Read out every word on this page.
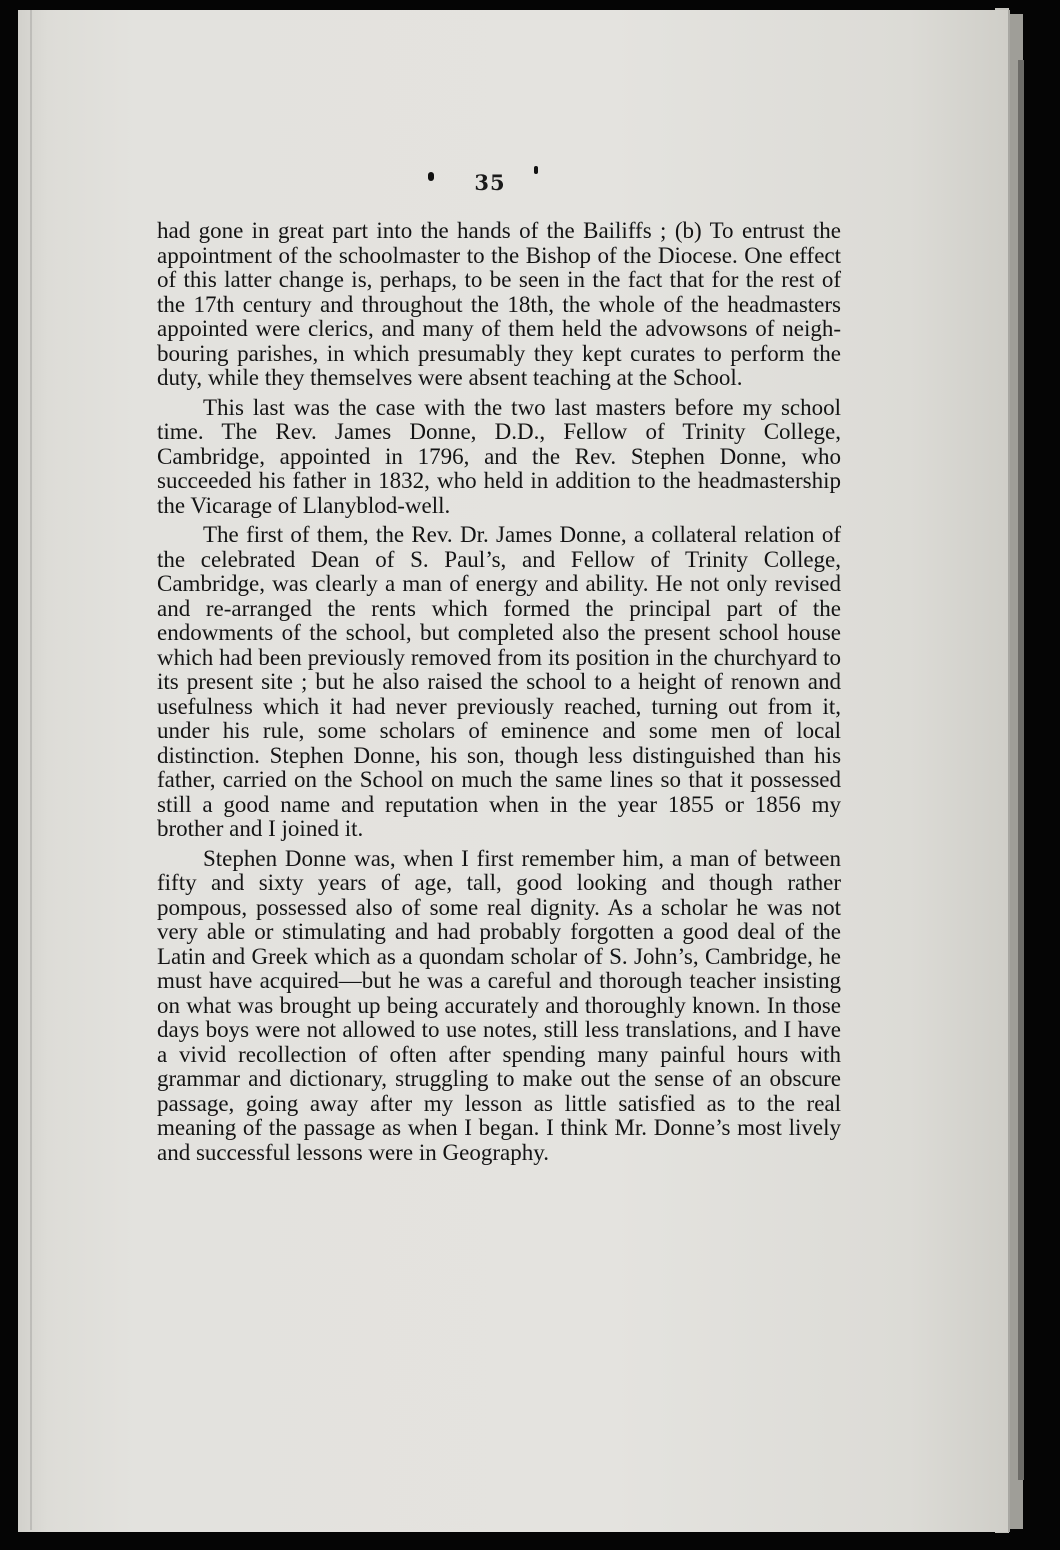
35

had gone in great part into the hands of the Bailiffs ; (b) To entrust the appointment of the schoolmaster to the Bishop of the Diocese. One effect of this latter change is, perhaps, to be seen in the fact that for the rest of the 17th century and throughout the 18th, the whole of the headmasters appointed were clerics, and many of them held the advowsons of neigh-bouring parishes, in which presumably they kept curates to perform the duty, while they themselves were absent teaching at the School.

This last was the case with the two last masters before my school time. The Rev. James Donne, D.D., Fellow of Trinity College, Cambridge, appointed in 1796, and the Rev. Stephen Donne, who succeeded his father in 1832, who held in addition to the headmastership the Vicarage of Llanyblod-well.

The first of them, the Rev. Dr. James Donne, a collateral relation of the celebrated Dean of S. Paul’s, and Fellow of Trinity College, Cambridge, was clearly a man of energy and ability. He not only revised and re-arranged the rents which formed the principal part of the endowments of the school, but completed also the present school house which had been previously removed from its position in the churchyard to its present site ; but he also raised the school to a height of renown and usefulness which it had never previously reached, turning out from it, under his rule, some scholars of eminence and some men of local distinction. Stephen Donne, his son, though less distinguished than his father, carried on the School on much the same lines so that it possessed still a good name and reputation when in the year 1855 or 1856 my brother and I joined it.

Stephen Donne was, when I first remember him, a man of between fifty and sixty years of age, tall, good looking and though rather pompous, possessed also of some real dignity. As a scholar he was not very able or stimulating and had probably forgotten a good deal of the Latin and Greek which as a quondam scholar of S. John’s, Cambridge, he must have acquired—but he was a careful and thorough teacher insisting on what was brought up being accurately and thoroughly known. In those days boys were not allowed to use notes, still less translations, and I have a vivid recollection of often after spending many painful hours with grammar and dictionary, struggling to make out the sense of an obscure passage, going away after my lesson as little satisfied as to the real meaning of the passage as when I began. I think Mr. Donne’s most lively and successful lessons were in Geography.
